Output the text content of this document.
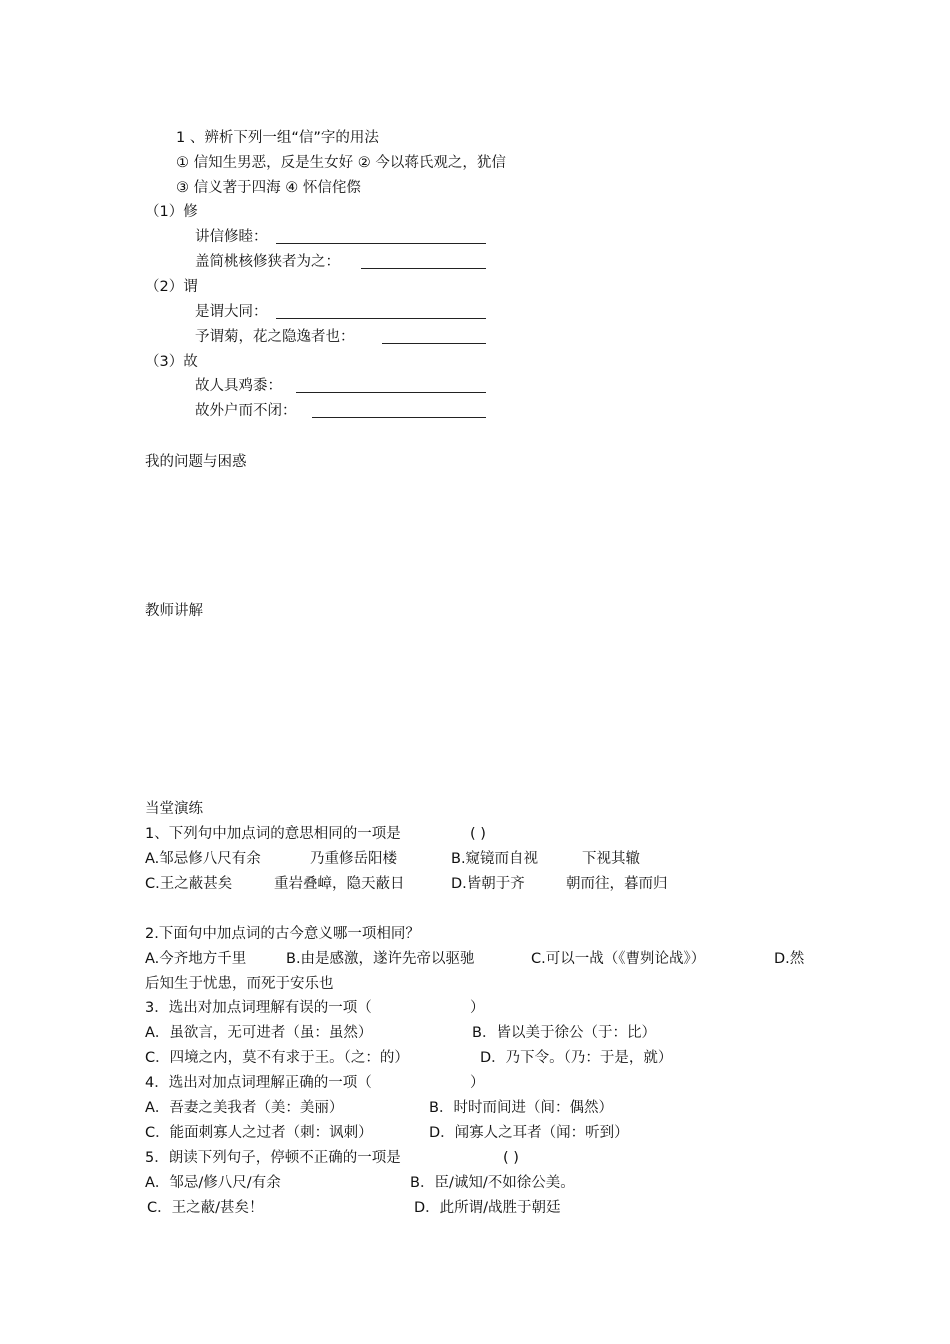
1 、辨析下列一组“信”字的用法
① 信知生男恶，反是生女好 ② 今以蒋氏观之，犹信
③ 信义著于四海 ④ 怀信侘傺
（1）修
讲信修睦：
盖简桃核修狭者为之：
（2）谓
是谓大同：
予谓菊，花之隐逸者也：
（3）故
故人具鸡黍：
故外户而不闭：
我的问题与困惑
教师讲解
当堂演练
1、下列句中加点词的意思相同的一项是	( )
A.邹忌修八尺有余	乃重修岳阳楼	B.窥镜而自视	下视其辙
C.王之蔽甚矣	重岩叠嶂，隐天蔽日	D.皆朝于齐	朝而往，暮而归
2.下面句中加点词的古今意义哪一项相同？
A.今齐地方千里	B.由是感激，遂许先帝以驱驰	C.可以一战（《曹刿论战》）	D.然
后知生于忧患，而死于安乐也
3．选出对加点词理解有误的一项（	）
A．虽欲言，无可进者（虽：虽然）	B．皆以美于徐公（于：比）
C．四境之内，莫不有求于王。（之：的）	D．乃下令。（乃：于是，就）
4．选出对加点词理解正确的一项（	）
A．吾妻之美我者（美：美丽）	B．时时而间进（间：偶然）
C．能面刺寡人之过者（刺：讽刺）	D．闻寡人之耳者（闻：听到）
5．朗读下列句子，停顿不正确的一项是	( )
A．邹忌/修八尺/有余	B．臣/诚知/不如徐公美。
C．王之蔽/甚矣！	D．此所谓/战胜于朝廷
